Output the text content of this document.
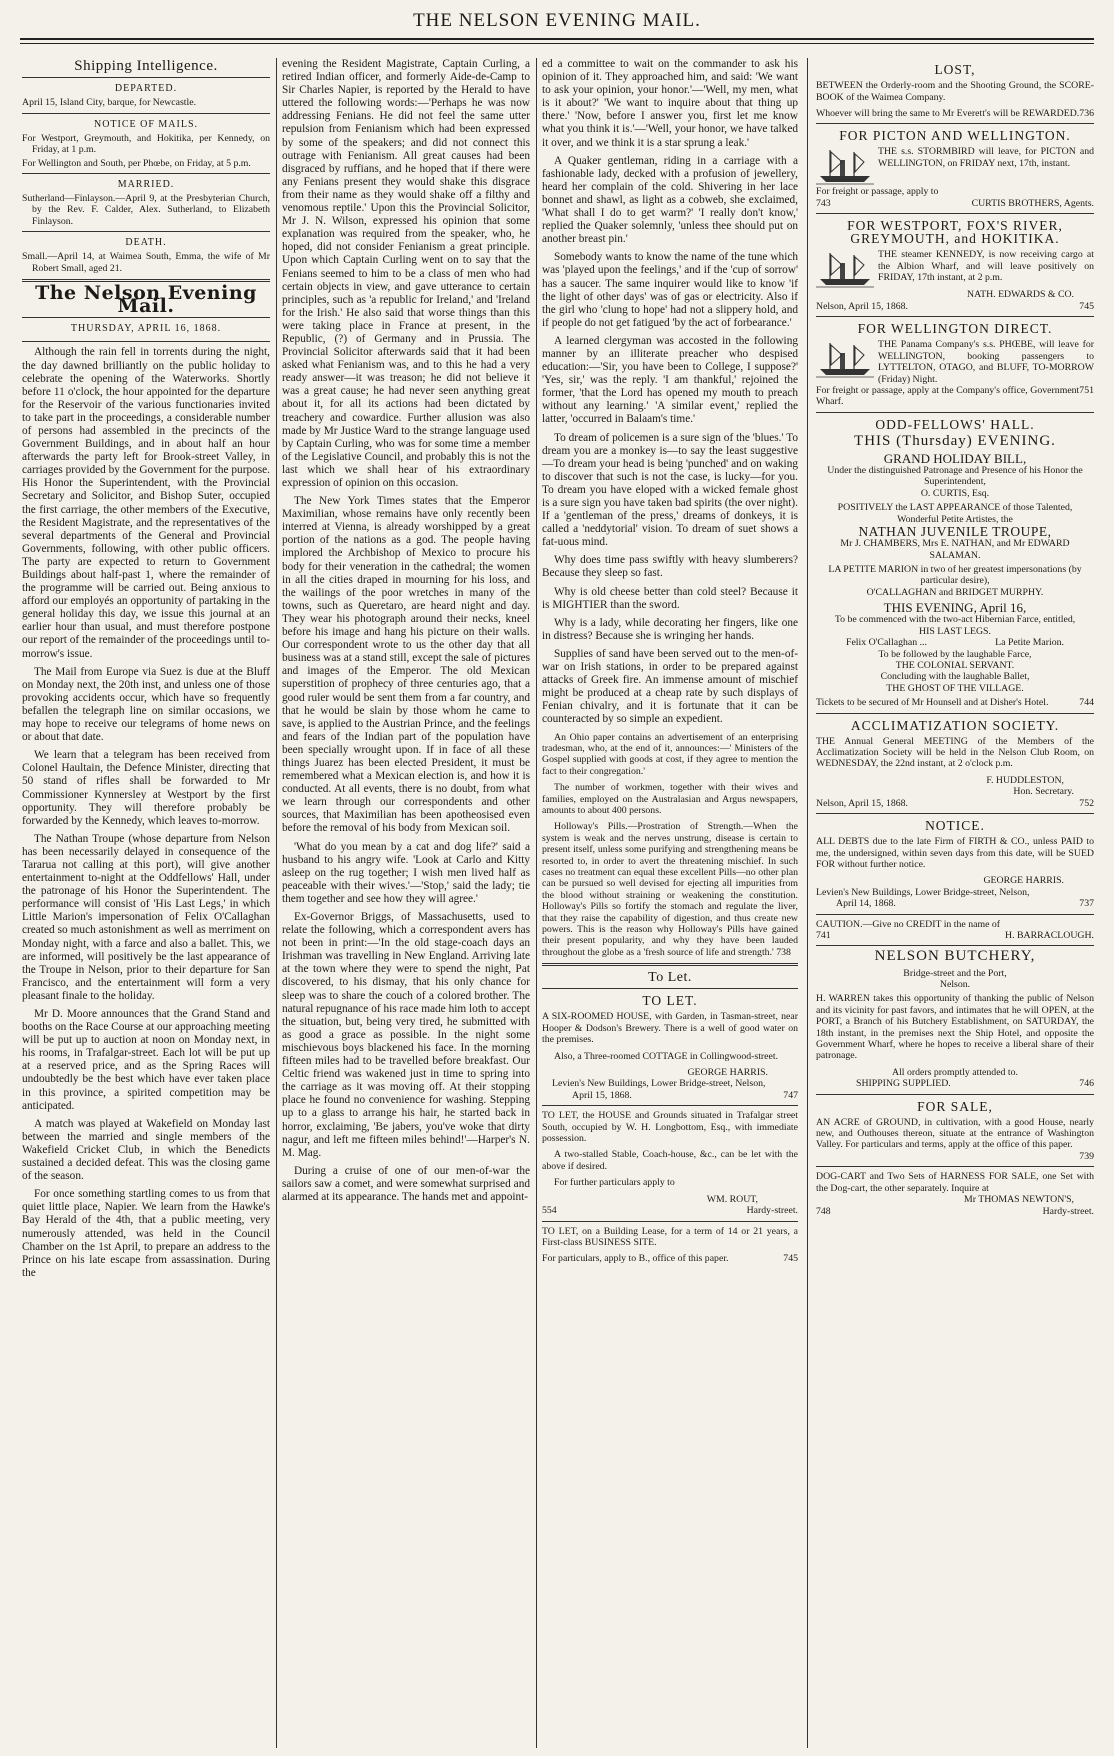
THE NELSON EVENING MAIL.
Shipping Intelligence.
DEPARTED.
April 15, Island City, barque, for Newcastle.
NOTICE OF MAILS.
For Westport, Greymouth, and Hokitika, per Kennedy, on Friday, at 1 p.m.
For Wellington and South, per Phœbe, on Friday, at 5 p.m.
MARRIED.
Sutherland—Finlayson.—April 9, at the Presbyterian Church, by the Rev. F. Calder, Alex. Sutherland, to Elizabeth Finlayson.
DEATH.
Small.—April 14, at Waimea South, Emma, the wife of Mr Robert Small, aged 21.
The Nelson Evening Mail.
THURSDAY, APRIL 16, 1868.

Although the rain fell in torrents during the night, the day dawned brilliantly on the public holiday to celebrate the opening of the Waterworks. Shortly before 11 o'clock, the hour appointed for the departure for the Reservoir of the various functionaries invited to take part in the proceedings, a considerable number of persons had assembled in the precincts of the Government Buildings, and in about half an hour afterwards the party left for Brook-street Valley, in carriages provided by the Government for the purpose. His Honor the Superintendent, with the Provincial Secretary and Solicitor, and Bishop Suter, occupied the first carriage, the other members of the Executive, the Resident Magistrate, and the representatives of the several departments of the General and Provincial Governments, following, with other public officers. The party are expected to return to Government Buildings about half-past 1, where the remainder of the programme will be carried out. Being anxious to afford our employés an opportunity of partaking in the general holiday this day, we issue this journal at an earlier hour than usual, and must therefore postpone our report of the remainder of the proceedings until to-morrow's issue.

The Mail from Europe via Suez is due at the Bluff on Monday next, the 20th inst, and unless one of those provoking accidents occur, which have so frequently befallen the telegraph line on similar occasions, we may hope to receive our telegrams of home news on or about that date.

We learn that a telegram has been received from Colonel Haultain, the Defence Minister, directing that 50 stand of rifles shall be forwarded to Mr Commissioner Kynnersley at Westport by the first opportunity. They will therefore probably be forwarded by the Kennedy, which leaves to-morrow.

The Nathan Troupe (whose departure from Nelson has been necessarily delayed in consequence of the Tararua not calling at this port), will give another entertainment to-night at the Oddfellows' Hall, under the patronage of his Honor the Superintendent. The performance will consist of 'His Last Legs,' in which Little Marion's impersonation of Felix O'Callaghan created so much astonishment as well as merriment on Monday night, with a farce and also a ballet. This, we are informed, will positively be the last appearance of the Troupe in Nelson, prior to their departure for San Francisco, and the entertainment will form a very pleasant finale to the holiday.

Mr D. Moore announces that the Grand Stand and booths on the Race Course at our approaching meeting will be put up to auction at noon on Monday next, in his rooms, in Trafalgar-street. Each lot will be put up at a reserved price, and as the Spring Races will undoubtedly be the best which have ever taken place in this province, a spirited competition may be anticipated.

A match was played at Wakefield on Monday last between the married and single members of the Wakefield Cricket Club, in which the Benedicts sustained a decided defeat. This was the closing game of the season.

For once something startling comes to us from that quiet little place, Napier. We learn from the Hawke's Bay Herald of the 4th, that a public meeting, very numerously attended, was held in the Council Chamber on the 1st April, to prepare an address to the Prince on his late escape from assassination. During the

evening the Resident Magistrate, Captain Curling, a retired Indian officer, and formerly Aide-de-Camp to Sir Charles Napier, is reported by the Herald to have uttered the following words:—'Perhaps he was now addressing Fenians. He did not feel the same utter repulsion from Fenianism which had been expressed by some of the speakers; and did not connect this outrage with Fenianism. All great causes had been disgraced by ruffians, and he hoped that if there were any Fenians present they would shake this disgrace from their name as they would shake off a filthy and venomous reptile.' Upon this the Provincial Solicitor, Mr J. N. Wilson, expressed his opinion that some explanation was required from the speaker, who, he hoped, did not consider Fenianism a great principle. Upon which Captain Curling went on to say that the Fenians seemed to him to be a class of men who had certain objects in view, and gave utterance to certain principles, such as 'a republic for Ireland,' and 'Ireland for the Irish.' He also said that worse things than this were taking place in France at present, in the Republic, (?) of Germany and in Prussia. The Provincial Solicitor afterwards said that it had been asked what Fenianism was, and to this he had a very ready answer—it was treason; he did not believe it was a great cause; he had never seen anything great about it, for all its actions had been dictated by treachery and cowardice. Further allusion was also made by Mr Justice Ward to the strange language used by Captain Curling, who was for some time a member of the Legislative Council, and probably this is not the last which we shall hear of his extraordinary expression of opinion on this occasion.

The New York Times states that the Emperor Maximilian, whose remains have only recently been interred at Vienna, is already worshipped by a great portion of the nations as a god. The people having implored the Archbishop of Mexico to procure his body for their veneration in the cathedral; the women in all the cities draped in mourning for his loss, and the wailings of the poor wretches in many of the towns, such as Queretaro, are heard night and day. They wear his photograph around their necks, kneel before his image and hang his picture on their walls. Our correspondent wrote to us the other day that all business was at a stand still, except the sale of pictures and images of the Emperor. The old Mexican superstition of prophecy of three centuries ago, that a good ruler would be sent them from a far country, and that he would be slain by those whom he came to save, is applied to the Austrian Prince, and the feelings and fears of the Indian part of the population have been specially wrought upon. If in face of all these things Juarez has been elected President, it must be remembered what a Mexican election is, and how it is conducted. At all events, there is no doubt, from what we learn through our correspondents and other sources, that Maximilian has been apotheosised even before the removal of his body from Mexican soil.

'What do you mean by a cat and dog life?' said a husband to his angry wife. 'Look at Carlo and Kitty asleep on the rug together; I wish men lived half as peaceable with their wives.'—'Stop,' said the lady; tie them together and see how they will agree.'

Ex-Governor Briggs, of Massachusetts, used to relate the following, which a correspondent avers has not been in print:—'In the old stage-coach days an Irishman was travelling in New England. Arriving late at the town where they were to spend the night, Pat discovered, to his dismay, that his only chance for sleep was to share the couch of a colored brother. The natural repugnance of his race made him loth to accept the situation, but, being very tired, he submitted with as good a grace as possible. In the night some mischievous boys blackened his face. In the morning fifteen miles had to be travelled before breakfast. Our Celtic friend was wakened just in time to spring into the carriage as it was moving off. At their stopping place he found no convenience for washing. Stepping up to a glass to arrange his hair, he started back in horror, exclaiming, 'Be jabers, you've woke that dirty nagur, and left me fifteen miles behind!'—Harper's N. M. Mag.

During a cruise of one of our men-of-war the sailors saw a comet, and were somewhat surprised and alarmed at its appearance. The hands met and appoint-

ed a committee to wait on the commander to ask his opinion of it. They approached him, and said: 'We want to ask your opinion, your honor.'—'Well, my men, what is it about?' 'We want to inquire about that thing up there.' 'Now, before I answer you, first let me know what you think it is.'—'Well, your honor, we have talked it over, and we think it is a star sprung a leak.'

A Quaker gentleman, riding in a carriage with a fashionable lady, decked with a profusion of jewellery, heard her complain of the cold. Shivering in her lace bonnet and shawl, as light as a cobweb, she exclaimed, 'What shall I do to get warm?' 'I really don't know,' replied the Quaker solemnly, 'unless thee should put on another breast pin.'

Somebody wants to know the name of the tune which was 'played upon the feelings,' and if the 'cup of sorrow' has a saucer. The same inquirer would like to know 'if the light of other days' was of gas or electricity. Also if the girl who 'clung to hope' had not a slippery hold, and if people do not get fatigued 'by the act of forbearance.'

A learned clergyman was accosted in the following manner by an illiterate preacher who despised education:—'Sir, you have been to College, I suppose?' 'Yes, sir,' was the reply. 'I am thankful,' rejoined the former, 'that the Lord has opened my mouth to preach without any learning.' 'A similar event,' replied the latter, 'occurred in Balaam's time.'

To dream of policemen is a sure sign of the 'blues.' To dream you are a monkey is—to say the least suggestive—To dream your head is being 'punched' and on waking to discover that such is not the case, is lucky—for you. To dream you have eloped with a wicked female ghost is a sure sign you have taken bad spirits (the over night). If a 'gentleman of the press,' dreams of donkeys, it is called a 'neddytorial' vision. To dream of suet shows a fat-uous mind.

Why does time pass swiftly with heavy slumberers? Because they sleep so fast.

Why is old cheese better than cold steel? Because it is MIGHTIER than the sword.

Why is a lady, while decorating her fingers, like one in distress? Because she is wringing her hands.

Supplies of sand have been served out to the men-of-war on Irish stations, in order to be prepared against attacks of Greek fire. An immense amount of mischief might be produced at a cheap rate by such displays of Fenian chivalry, and it is fortunate that it can be counteracted by so simple an expedient.

An Ohio paper contains an advertisement of an enterprising tradesman, who, at the end of it, announces:—' Ministers of the Gospel supplied with goods at cost, if they agree to mention the fact to their congregation.'

The number of workmen, together with their wives and families, employed on the Australasian and Argus newspapers, amounts to about 400 persons.

Holloway's Pills.—Prostration of Strength.—When the system is weak and the nerves unstrung, disease is certain to present itself, unless some purifying and strengthening means be resorted to, in order to avert the threatening mischief. In such cases no treatment can equal these excellent Pills—no other plan can be pursued so well devised for ejecting all impurities from the blood without straining or weakening the constitution. Holloway's Pills so fortify the stomach and regulate the liver, that they raise the capability of digestion, and thus create new powers. This is the reason why Holloway's Pills have gained their present popularity, and why they have been lauded throughout the globe as a 'fresh source of life and strength.' 738

To Let.
TO LET.

A SIX-ROOMED HOUSE, with Garden, in Tasman-street, near Hooper & Dodson's Brewery. There is a well of good water on the premises.

Also, a Three-roomed COTTAGE in Collingwood-street.

GEORGE HARRIS.
Levien's New Buildings, Lower Bridge-street, Nelson,
April 15, 1868.	747

TO LET, the HOUSE and Grounds situated in Trafalgar street South, occupied by W. H. Longbottom, Esq., with immediate possession.

A two-stalled Stable, Coach-house, &c., can be let with the above if desired.

For further particulars apply to

WM. ROUT,
554	Hardy-street.

TO LET, on a Building Lease, for a term of 14 or 21 years, a First-class BUSINESS SITE.

For particulars, apply to B., office of this paper.	745
LOST,

BETWEEN the Orderly-room and the Shooting Ground, the SCORE-BOOK of the Waimea Company.

Whoever will bring the same to Mr Everett's will be REWARDED. 736
FOR PICTON AND WELLINGTON.

THE s.s. STORMBIRD will leave, for PICTON and WELLINGTON, on FRIDAY next, 17th, instant.

For freight or passage, apply to
743	CURTIS BROTHERS, Agents.
FOR WESTPORT, FOX'S RIVER, GREYMOUTH, and HOKITIKA.

THE steamer KENNEDY, is now receiving cargo at the Albion Wharf, and will leave positively on FRIDAY, 17th instant, at 2 p.m.

NATH. EDWARDS & CO.
Nelson, April 15, 1868.	745
FOR WELLINGTON DIRECT.

THE Panama Company's s.s. PHŒBE, will leave for WELLINGTON, booking passengers to LYTTELTON, OTAGO, and BLUFF, TO-MORROW (Friday) Night.

For freight or passage, apply at the Company's office, Government Wharf.
751
ODD-FELLOWS' HALL.
THIS (Thursday) EVENING.
GRAND HOLIDAY BILL,
Under the distinguished Patronage and Presence of his Honor the Superintendent,
O. CURTIS, Esq.
POSITIVELY the LAST APPEARANCE of those Talented, Wonderful Petite Artistes, the
NATHAN JUVENILE TROUPE,
Mr J. CHAMBERS, Mrs E. NATHAN, and Mr EDWARD SALAMAN.
LA PETITE MARION in two of her greatest impersonations (by particular desire),
O'CALLAGHAN and BRIDGET MURPHY.
THIS EVENING, April 16,
To be commenced with the two-act Hibernian Farce, entitled,
HIS LAST LEGS.
Felix O'Callaghan ...	La Petite Marion.
To be followed by the laughable Farce,
THE COLONIAL SERVANT.
Concluding with the laughable Ballet,
THE GHOST OF THE VILLAGE.
Tickets to be secured of Mr Hounsell and at Disher's Hotel.	744
ACCLIMATIZATION SOCIETY.

THE Annual General MEETING of the Members of the Acclimatization Society will be held in the Nelson Club Room, on WEDNESDAY, the 22nd instant, at 2 o'clock p.m.

F. HUDDLESTON,
Hon. Secretary.
Nelson, April 15, 1868.	752
NOTICE.

ALL DEBTS due to the late Firm of FIRTH & CO., unless PAID to me, the undersigned, within seven days from this date, will be SUED FOR without further notice.

GEORGE HARRIS.
Levien's New Buildings, Lower Bridge-street, Nelson,
April 14, 1868.	737
CAUTION.—Give no CREDIT in the name of
741	H. BARRACLOUGH.
NELSON BUTCHERY,
Bridge-street and the Port,
Nelson.

H. WARREN takes this opportunity of thanking the public of Nelson and its vicinity for past favors, and intimates that he will OPEN, at the PORT, a Branch of his Butchery Establishment, on SATURDAY, the 18th instant, in the premises next the Ship Hotel, and opposite the Government Wharf, where he hopes to receive a liberal share of their patronage.

All orders promptly attended to.
SHIPPING SUPPLIED.	746
FOR SALE,

AN ACRE of GROUND, in cultivation, with a good House, nearly new, and Outhouses thereon, situate at the entrance of Washington Valley. For particulars and terms, apply at the office of this paper.

739

DOG-CART and Two Sets of HARNESS FOR SALE, one Set with the Dog-cart, the other separately. Inquire at

Mr THOMAS NEWTON'S,
748	Hardy-street.
